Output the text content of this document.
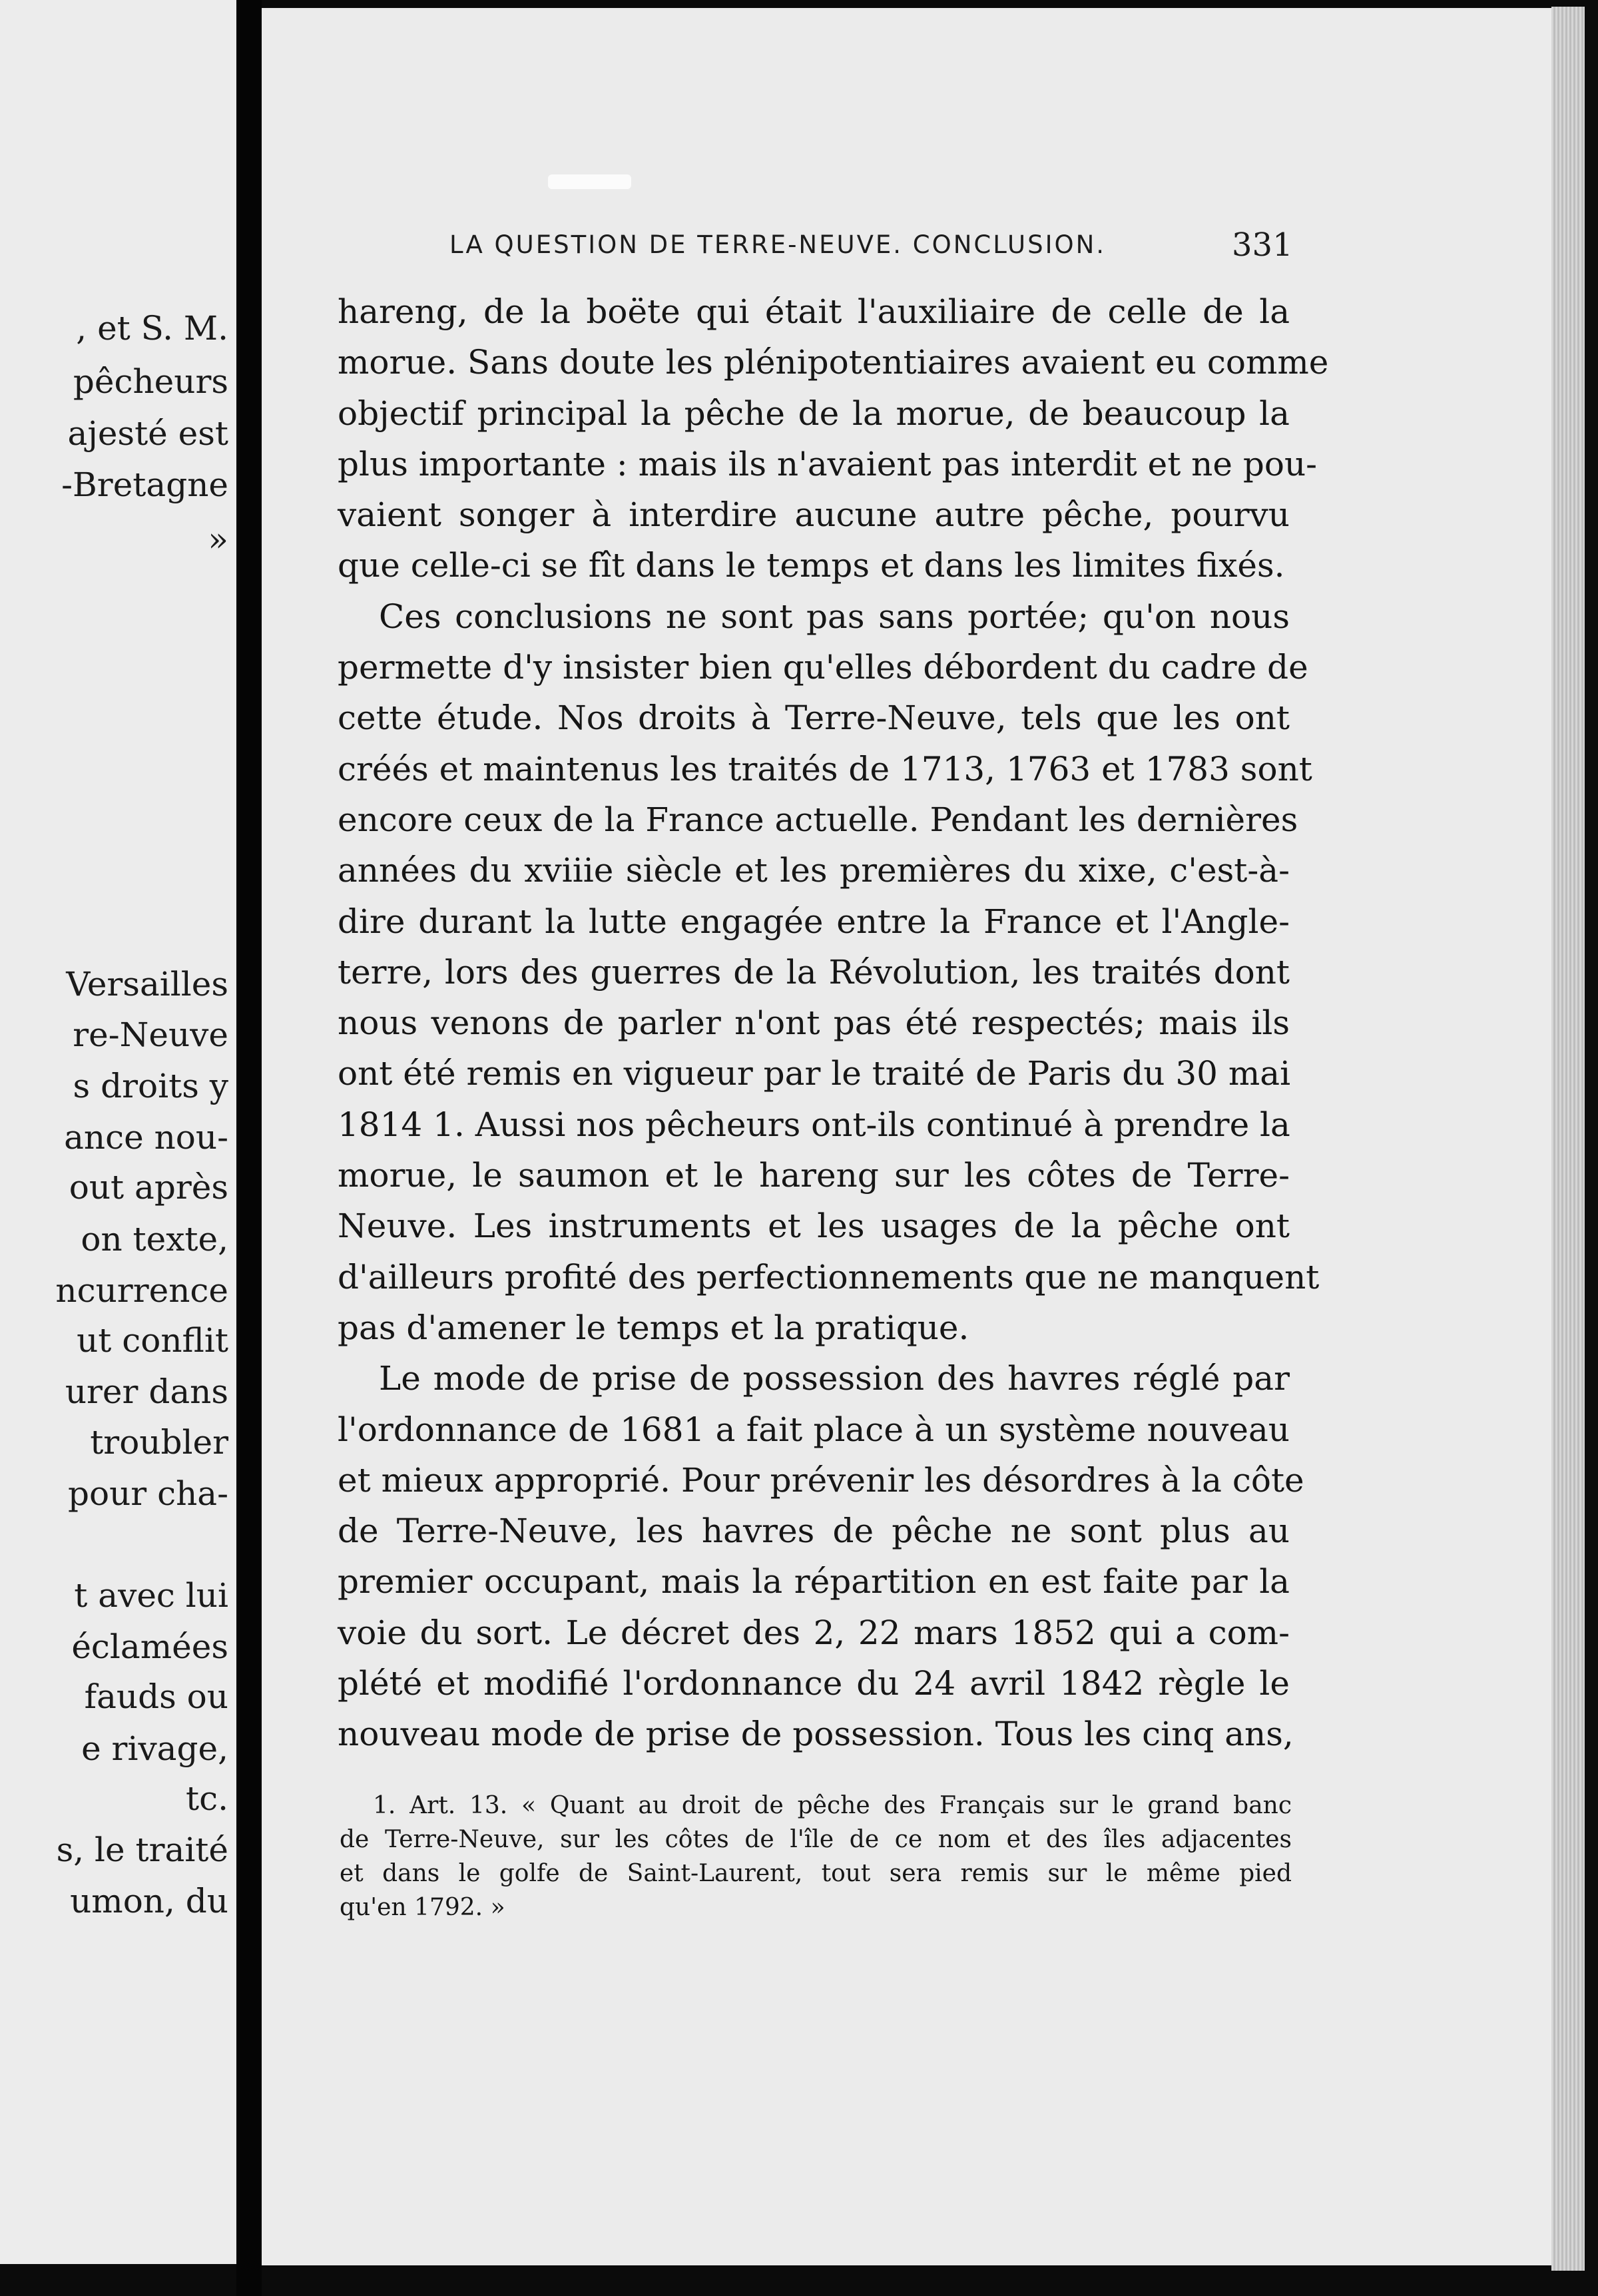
, et S. M.
pêcheurs
ajesté est
-Bretagne
»
Versailles
re-Neuve
s droits y
ance nou-
out après
on texte,
ncurrence
ut conflit
urer dans
troubler
pour cha-
t avec lui
éclamées
fauds ou
e rivage,
tc.
s, le traité
umon, du
LA QUESTION DE TERRE-NEUVE. CONCLUSION.	331
hareng, de la boëte qui était l'auxiliaire de celle de la
morue. Sans doute les plénipotentiaires avaient eu comme
objectif principal la pêche de la morue, de beaucoup la
plus importante : mais ils n'avaient pas interdit et ne pou-
vaient songer à interdire aucune autre pêche, pourvu
que celle-ci se fît dans le temps et dans les limites fixés.
Ces conclusions ne sont pas sans portée; qu'on nous
permette d'y insister bien qu'elles débordent du cadre de
cette étude. Nos droits à Terre-Neuve, tels que les ont
créés et maintenus les traités de 1713, 1763 et 1783 sont
encore ceux de la France actuelle. Pendant les dernières
années du xviiie siècle et les premières du xixe, c'est-à-
dire durant la lutte engagée entre la France et l'Angle-
terre, lors des guerres de la Révolution, les traités dont
nous venons de parler n'ont pas été respectés; mais ils
ont été remis en vigueur par le traité de Paris du 30 mai
1814 1. Aussi nos pêcheurs ont-ils continué à prendre la
morue, le saumon et le hareng sur les côtes de Terre-
Neuve. Les instruments et les usages de la pêche ont
d'ailleurs profité des perfectionnements que ne manquent
pas d'amener le temps et la pratique.
Le mode de prise de possession des havres réglé par
l'ordonnance de 1681 a fait place à un système nouveau
et mieux approprié. Pour prévenir les désordres à la côte
de Terre-Neuve, les havres de pêche ne sont plus au
premier occupant, mais la répartition en est faite par la
voie du sort. Le décret des 2, 22 mars 1852 qui a com-
plété et modifié l'ordonnance du 24 avril 1842 règle le
nouveau mode de prise de possession. Tous les cinq ans,
1. Art. 13. « Quant au droit de pêche des Français sur le grand banc
de Terre-Neuve, sur les côtes de l'île de ce nom et des îles adjacentes
et dans le golfe de Saint-Laurent, tout sera remis sur le même pied
qu'en 1792. »
